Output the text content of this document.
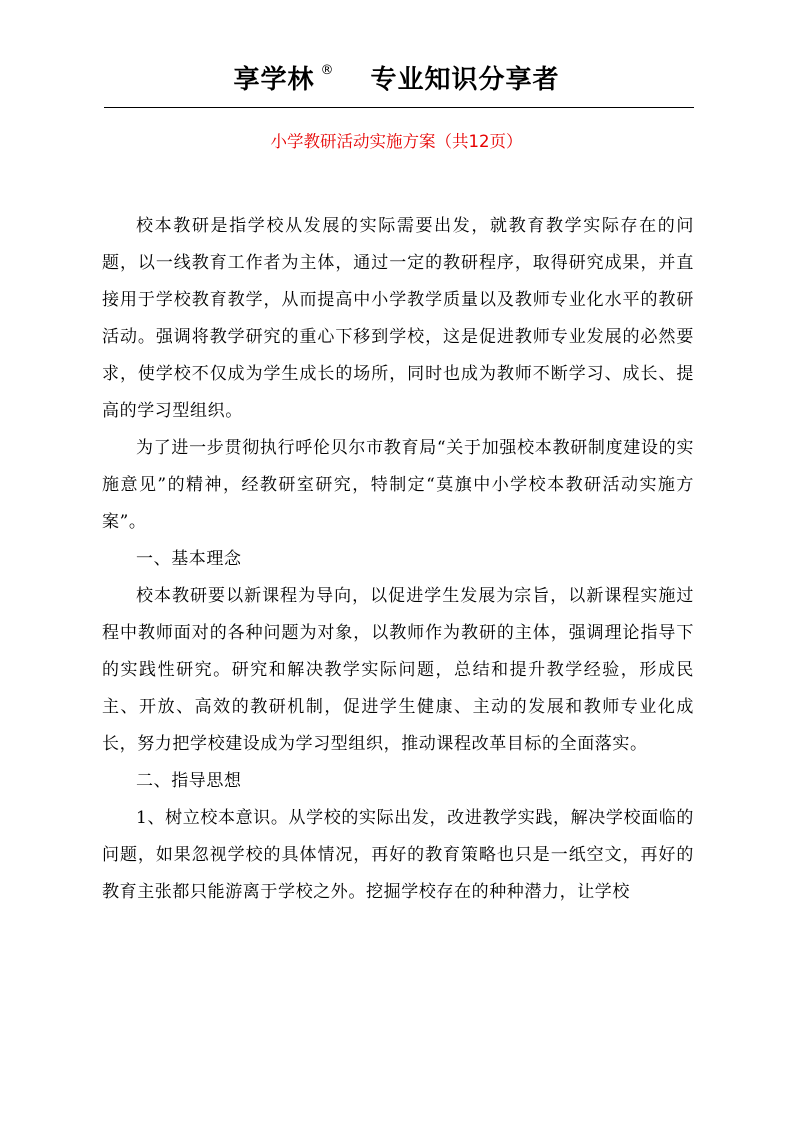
享学林 ® 专业知识分享者
小学教研活动实施方案（共12页）

校本教研是指学校从发展的实际需要出发，就教育教学实际存在的问题，以一线教育工作者为主体，通过一定的教研程序，取得研究成果，并直接用于学校教育教学，从而提高中小学教学质量以及教师专业化水平的教研活动。强调将教学研究的重心下移到学校，这是促进教师专业发展的必然要求，使学校不仅成为学生成长的场所，同时也成为教师不断学习、成长、提高的学习型组织。

为了进一步贯彻执行呼伦贝尔市教育局“关于加强校本教研制度建设的实施意见”的精神，经教研室研究，特制定“莫旗中小学校本教研活动实施方案”。

一、基本理念

校本教研要以新课程为导向，以促进学生发展为宗旨，以新课程实施过程中教师面对的各种问题为对象，以教师作为教研的主体，强调理论指导下的实践性研究。研究和解决教学实际问题，总结和提升教学经验，形成民主、开放、高效的教研机制，促进学生健康、主动的发展和教师专业化成长，努力把学校建设成为学习型组织，推动课程改革目标的全面落实。

二、指导思想

1、树立校本意识。从学校的实际出发，改进教学实践，解决学校面临的问题，如果忽视学校的具体情况，再好的教育策略也只是一纸空文，再好的教育主张都只能游离于学校之外。挖掘学校存在的种种潜力，让学校
